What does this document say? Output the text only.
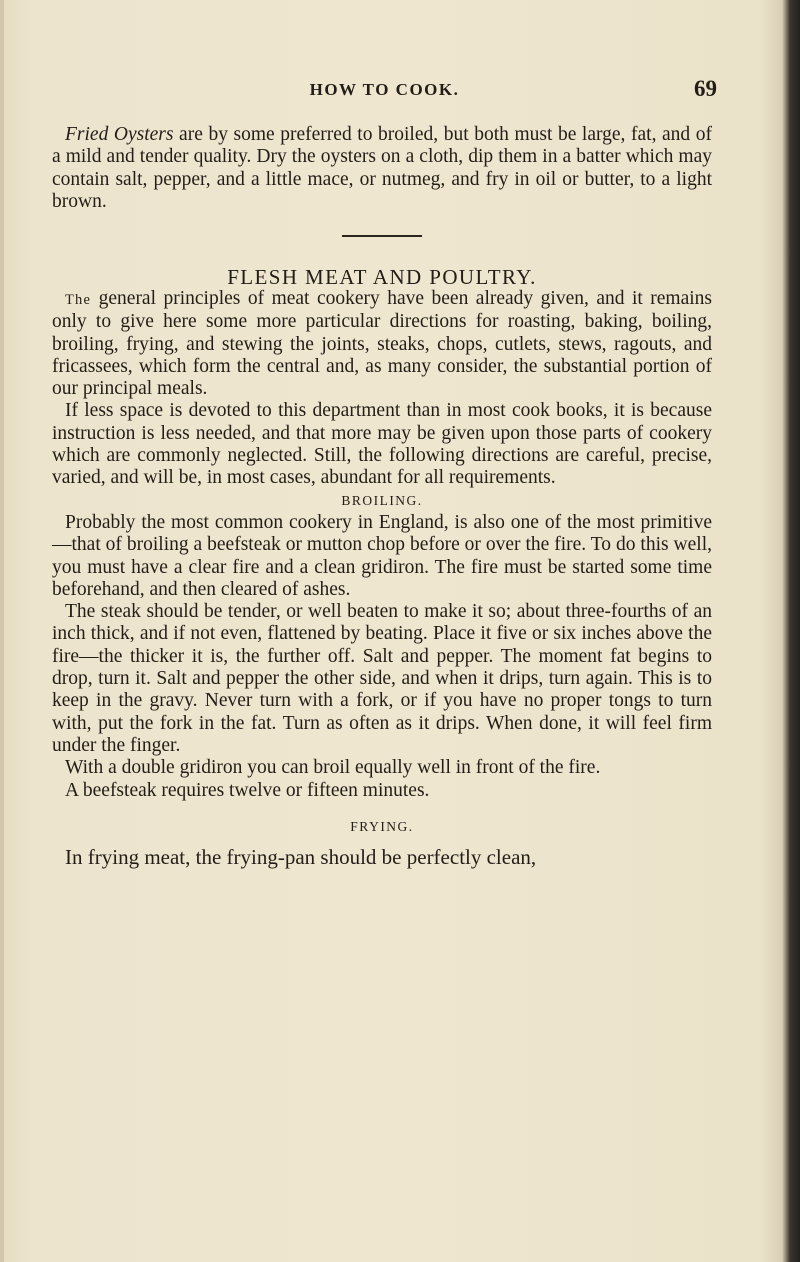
HOW TO COOK.	69

Fried Oysters are by some preferred to broiled, but both must be large, fat, and of a mild and tender quality. Dry the oysters on a cloth, dip them in a batter which may contain salt, pepper, and a little mace, or nutmeg, and fry in oil or butter, to a light brown.

FLESH MEAT AND POULTRY.

The general principles of meat cookery have been already given, and it remains only to give here some more particular directions for roasting, baking, boiling, broiling, frying, and stewing the joints, steaks, chops, cutlets, stews, ragouts, and fricassees, which form the central and, as many consider, the substantial portion of our principal meals.

If less space is devoted to this department than in most cook books, it is because instruction is less needed, and that more may be given upon those parts of cookery which are commonly neglected. Still, the following directions are careful, precise, varied, and will be, in most cases, abundant for all requirements.

BROILING.

Probably the most common cookery in England, is also one of the most primitive—that of broiling a beefsteak or mutton chop before or over the fire. To do this well, you must have a clear fire and a clean gridiron. The fire must be started some time beforehand, and then cleared of ashes.

The steak should be tender, or well beaten to make it so; about three-fourths of an inch thick, and if not even, flattened by beating. Place it five or six inches above the fire—the thicker it is, the further off. Salt and pepper. The moment fat begins to drop, turn it. Salt and pepper the other side, and when it drips, turn again. This is to keep in the gravy. Never turn with a fork, or if you have no proper tongs to turn with, put the fork in the fat. Turn as often as it drips. When done, it will feel firm under the finger.

With a double gridiron you can broil equally well in front of the fire.

A beefsteak requires twelve or fifteen minutes.

FRYING.

In frying meat, the frying-pan should be perfectly clean,
